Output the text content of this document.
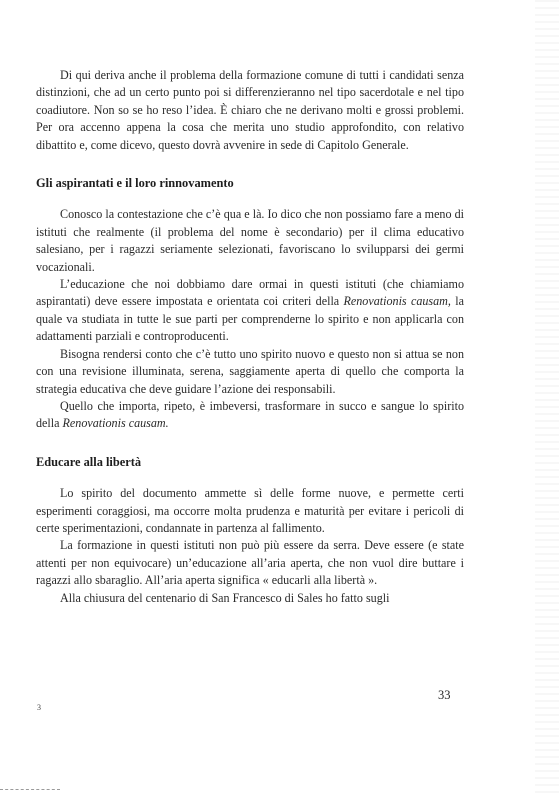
Di qui deriva anche il problema della formazione comune di tutti i candidati senza distinzioni, che ad un certo punto poi si differenzieranno nel tipo sacerdotale e nel tipo coadiutore. Non so se ho reso l’idea. È chiaro che ne derivano molti e grossi problemi. Per ora accenno appena la cosa che merita uno studio approfondito, con relativo dibattito e, come dicevo, questo dovrà avvenire in sede di Capitolo Generale.

Gli aspirantati e il loro rinnovamento

Conosco la contestazione che c’è qua e là. Io dico che non possiamo fare a meno di istituti che realmente (il problema del nome è secondario) per il clima educativo salesiano, per i ragazzi seriamente selezionati, favoriscano lo svilupparsi dei germi vocazionali.

L’educazione che noi dobbiamo dare ormai in questi istituti (che chiamiamo aspirantati) deve essere impostata e orientata coi criteri della Renovationis causam, la quale va studiata in tutte le sue parti per comprenderne lo spirito e non applicarla con adattamenti parziali e controproducenti.

Bisogna rendersi conto che c’è tutto uno spirito nuovo e questo non si attua se non con una revisione illuminata, serena, saggiamente aperta di quello che comporta la strategia educativa che deve guidare l’azione dei responsabili.

Quello che importa, ripeto, è imbeversi, trasformare in succo e sangue lo spirito della Renovationis causam.

Educare alla libertà

Lo spirito del documento ammette sì delle forme nuove, e permette certi esperimenti coraggiosi, ma occorre molta prudenza e maturità per evitare i pericoli di certe sperimentazioni, condannate in partenza al fallimento.

La formazione in questi istituti non può più essere da serra. Deve essere (e state attenti per non equivocare) un’educazione all’aria aperta, che non vuol dire buttare i ragazzi allo sbaraglio. All’aria aperta significa « educarli alla libertà ».

Alla chiusura del centenario di San Francesco di Sales ho fatto sugli

33
3
